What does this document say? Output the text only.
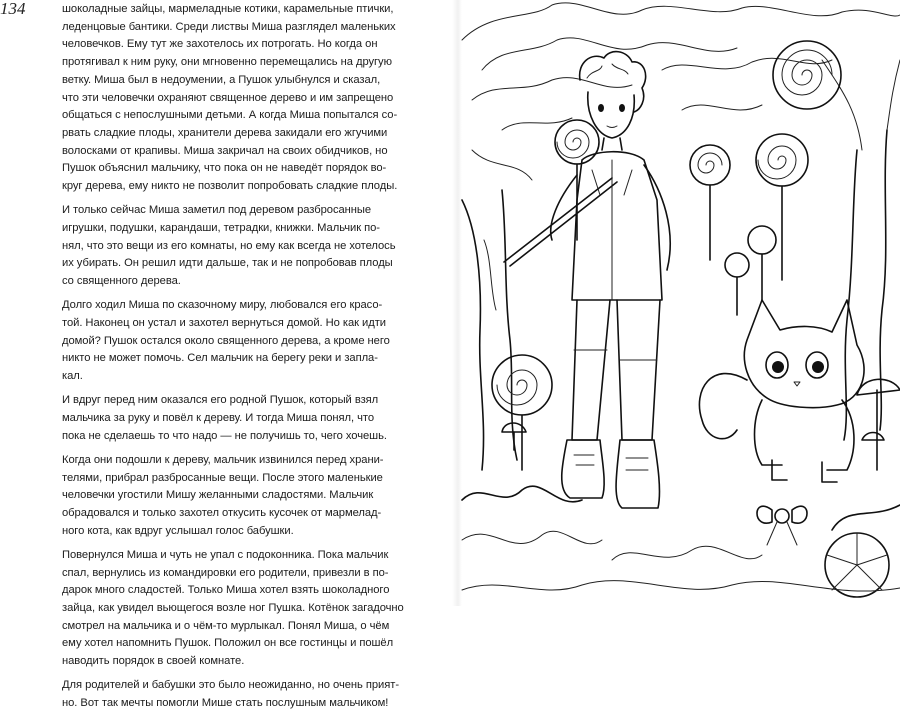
134	шоколадные зайцы, мармеладные котики, карамельные птички,
леденцовые бантики. Среди листвы Миша разглядел маленьких
человечков. Ему тут же захотелось их потрогать. Но когда он
протягивал к ним руку, они мгновенно перемещались на другую
ветку. Миша был в недоумении, а Пушок улыбнулся и сказал,
что эти человечки охраняют священное дерево и им запрещено
общаться с непослушными детьми. А когда Миша попытался со-
рвать сладкие плоды, хранители дерева закидали его жгучими
волосками от крапивы. Миша закричал на своих обидчиков, но
Пушок объяснил мальчику, что пока он не наведёт порядок во-
круг дерева, ему никто не позволит попробовать сладкие плоды.
И только сейчас Миша заметил под деревом разбросанные
игрушки, подушки, карандаши, тетрадки, книжки. Мальчик по-
нял, что это вещи из его комнаты, но ему как всегда не хотелось
их убирать. Он решил идти дальше, так и не попробовав плоды
со священного дерева.
Долго ходил Миша по сказочному миру, любовался его красо-
той. Наконец он устал и захотел вернуться домой. Но как идти
домой? Пушок остался около священного дерева, а кроме него
никто не может помочь. Сел мальчик на берегу реки и запла-
кал.
И вдруг перед ним оказался его родной Пушок, который взял
мальчика за руку и повёл к дереву. И тогда Миша понял, что
пока не сделаешь то что надо — не получишь то, чего хочешь.
Когда они подошли к дереву, мальчик извинился перед храни-
телями, прибрал разбросанные вещи. После этого маленькие
человечки угостили Мишу желанными сладостями. Мальчик
обрадовался и только захотел откусить кусочек от мармелад-
ного кота, как вдруг услышал голос бабушки.
Повернулся Миша и чуть не упал с подоконника. Пока мальчик
спал, вернулись из командировки его родители, привезли в по-
дарок много сладостей. Только Миша хотел взять шоколадного
зайца, как увидел вьющегося возле ног Пушка. Котёнок загадочно
смотрел на мальчика и о чём-то мурлыкал. Понял Миша, о чём
ему хотел напомнить Пушок. Положил он все гостинцы и пошёл
наводить порядок в своей комнате.
Для родителей и бабушки это было неожиданно, но очень прият-
но. Вот так мечты помогли Мише стать послушным мальчиком!
